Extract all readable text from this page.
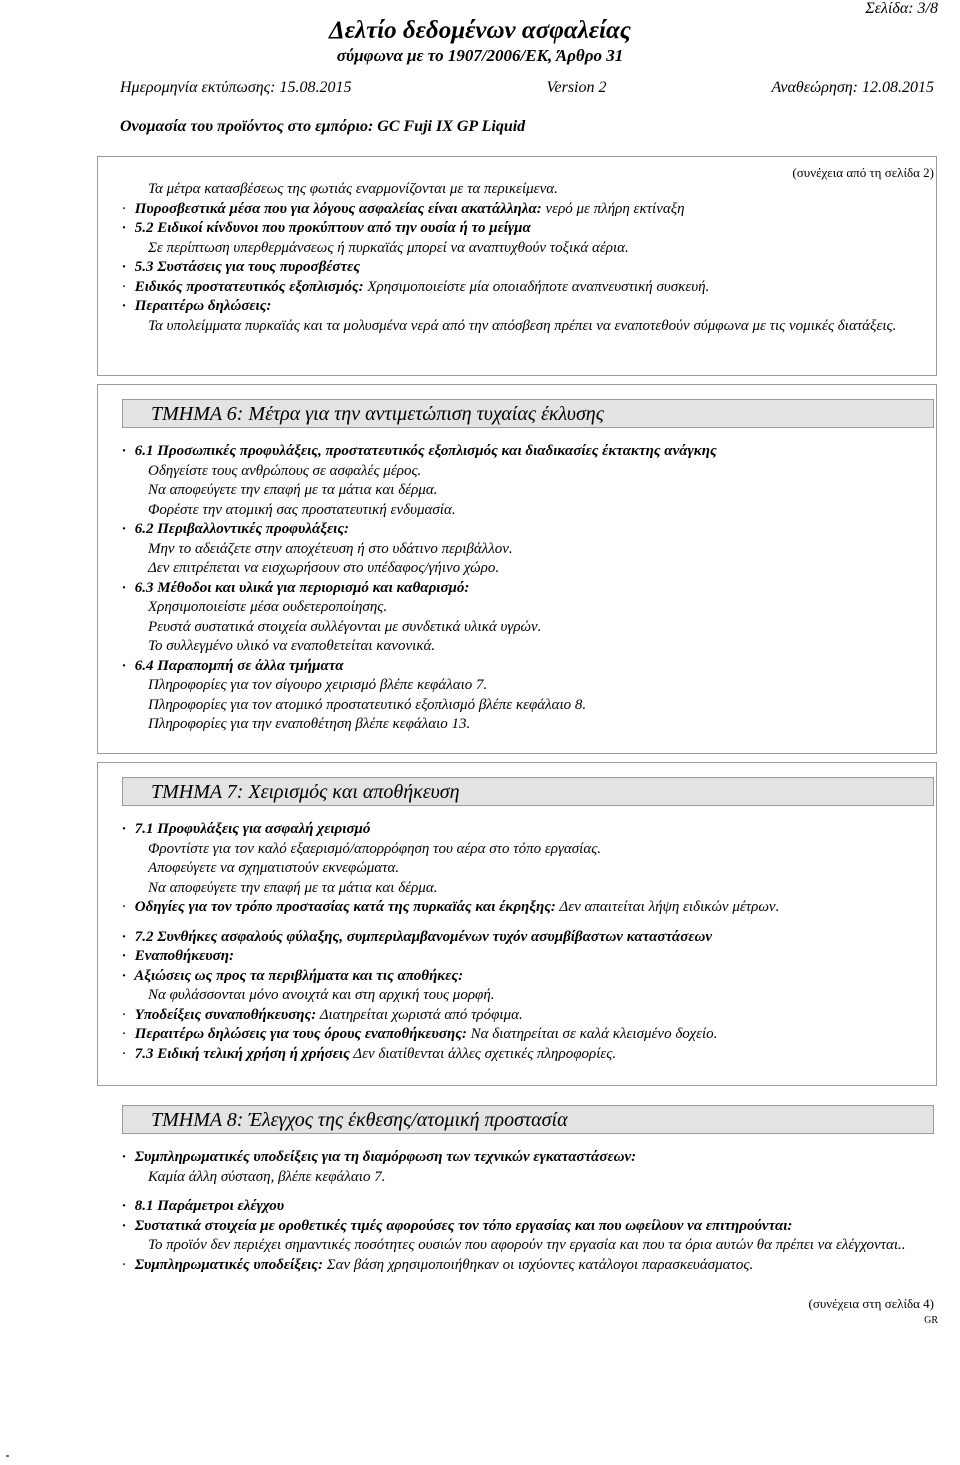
Σελίδα: 3/8
Δελτίο δεδομένων ασφαλείας
σύμφωνα με το 1907/2006/ΕΚ, Άρθρο 31
Ημερομηνία εκτύπωσης: 15.08.2015	Version 2	Αναθεώρηση: 12.08.2015
Ονομασία του προϊόντος στο εμπόριο: GC Fuji IX GP Liquid
(συνέχεια από τη σελίδα 2)

Τα μέτρα κατασβέσεως της φωτιάς εναρμονίζονται με τα περικείμενα.

· Πυροσβεστικά μέσα που για λόγους ασφαλείας είναι ακατάλληλα: νερό με πλήρη εκτίναξη

· 5.2 Ειδικοί κίνδυνοι που προκύπτουν από την ουσία ή το μείγμα

Σε περίπτωση υπερθερμάνσεως ή πυρκαϊάς μπορεί να αναπτυχθούν τοξικά αέρια.

· 5.3 Συστάσεις για τους πυροσβέστες

· Ειδικός προστατευτικός εξοπλισμός: Χρησιμοποιείστε μία οποιαδήποτε αναπνευστική συσκευή.

· Περαιτέρω δηλώσεις:

Τα υπολείμματα πυρκαϊάς και τα μολυσμένα νερά από την απόσβεση πρέπει να εναποτεθούν σύμφωνα με τις νομικές διατάξεις.

ΤΜΗΜΑ 6: Μέτρα για την αντιμετώπιση τυχαίας έκλυσης

· 6.1 Προσωπικές προφυλάξεις, προστατευτικός εξοπλισμός και διαδικασίες έκτακτης ανάγκης

Οδηγείστε τους ανθρώπους σε ασφαλές μέρος.

Να αποφεύγετε την επαφή με τα μάτια και δέρμα.

Φορέστε την ατομική σας προστατευτική ενδυμασία.

· 6.2 Περιβαλλοντικές προφυλάξεις:

Μην το αδειάζετε στην αποχέτευση ή στο υδάτινο περιβάλλον.

Δεν επιτρέπεται να εισχωρήσουν στο υπέδαφος/γήινο χώρο.

· 6.3 Μέθοδοι και υλικά για περιορισμό και καθαρισμό:

Χρησιμοποιείστε μέσα ουδετεροποίησης.

Ρευστά συστατικά στοιχεία συλλέγονται με συνδετικά υλικά υγρών.

Το συλλεγμένο υλικό να εναποθετείται κανονικά.

· 6.4 Παραπομπή σε άλλα τμήματα

Πληροφορίες για τον σίγουρο χειρισμό βλέπε κεφάλαιο 7.

Πληροφορίες για τον ατομικό προστατευτικό εξοπλισμό βλέπε κεφάλαιο 8.

Πληροφορίες για την εναποθέτηση βλέπε κεφάλαιο 13.

ΤΜΗΜΑ 7: Χειρισμός και αποθήκευση

· 7.1 Προφυλάξεις για ασφαλή χειρισμό

Φροντίστε για τον καλό εξαερισμό/απορρόφηση του αέρα στο τόπο εργασίας.

Αποφεύγετε να σχηματιστούν εκνεφώματα.

Να αποφεύγετε την επαφή με τα μάτια και δέρμα.

· Οδηγίες για τον τρόπο προστασίας κατά της πυρκαϊάς και έκρηξης: Δεν απαιτείται λήψη ειδικών μέτρων.

· 7.2 Συνθήκες ασφαλούς φύλαξης, συμπεριλαμβανομένων τυχόν ασυμβίβαστων καταστάσεων

· Εναποθήκευση:

· Αξιώσεις ως προς τα περιβλήματα και τις αποθήκες:

Να φυλάσσονται μόνο ανοιχτά και στη αρχική τους μορφή.

· Υποδείξεις συναποθήκευσης: Διατηρείται χωριστά από τρόφιμα.

· Περαιτέρω δηλώσεις για τους όρους εναποθήκευσης: Να διατηρείται σε καλά κλεισμένο δοχείο.

· 7.3 Ειδική τελική χρήση ή χρήσεις Δεν διατίθενται άλλες σχετικές πληροφορίες.

ΤΜΗΜΑ 8: Έλεγχος της έκθεσης/ατομική προστασία

· Συμπληρωματικές υποδείξεις για τη διαμόρφωση των τεχνικών εγκαταστάσεων:

Καμία άλλη σύσταση, βλέπε κεφάλαιο 7.

· 8.1 Παράμετροι ελέγχου

· Συστατικά στοιχεία με οροθετικές τιμές αφορούσες τον τόπο εργασίας και που ωφείλουν να επιτηρούνται:

Το προϊόν δεν περιέχει σημαντικές ποσότητες ουσιών που αφορούν την εργασία και που τα όρια αυτών θα πρέπει να ελέγχονται..

· Συμπληρωματικές υποδείξεις: Σαν βάση χρησιμοποιήθηκαν οι ισχύοντες κατάλογοι παρασκευάσματος.

(συνέχεια στη σελίδα 4)
GR
